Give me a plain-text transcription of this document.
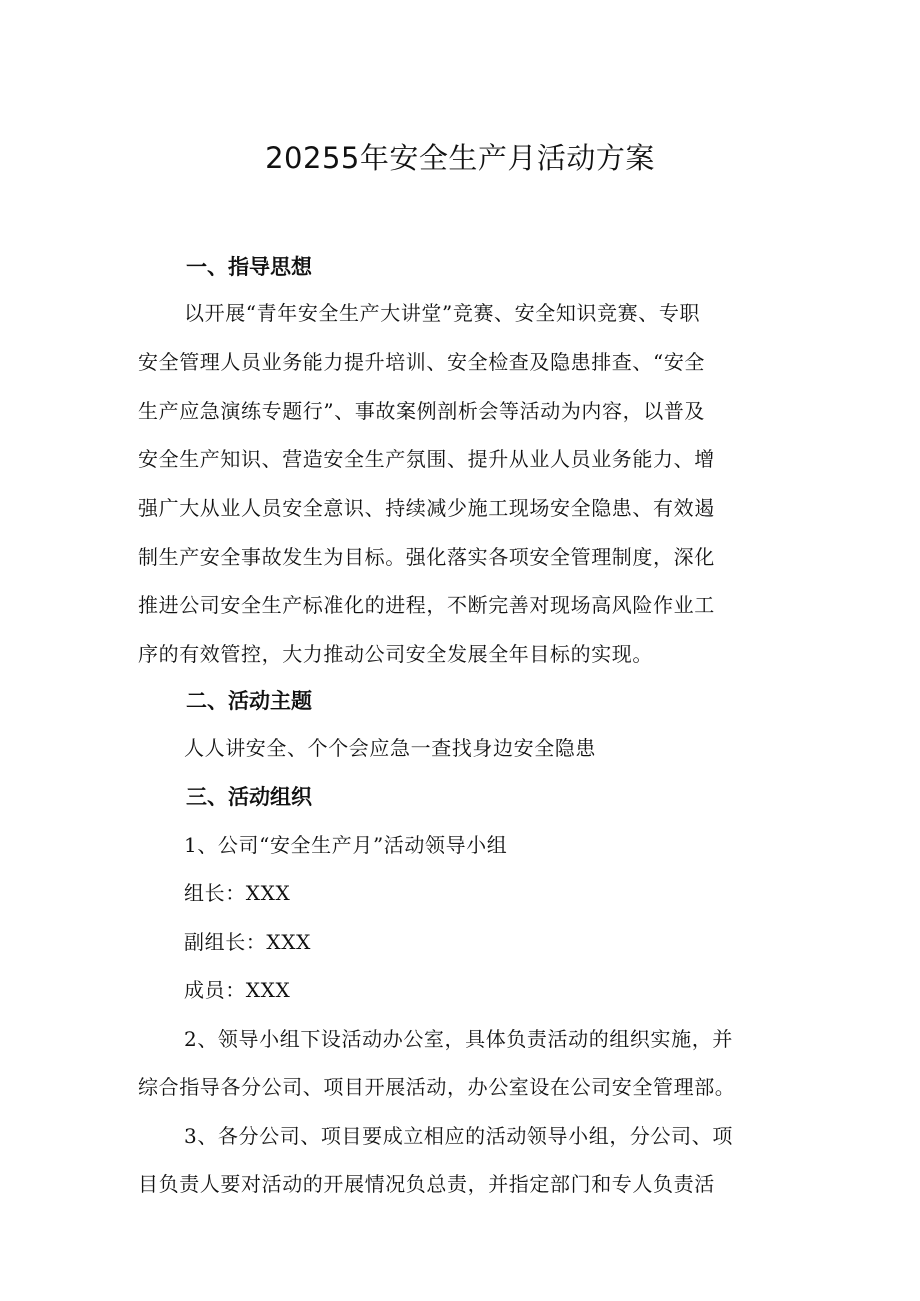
20255年安全生产月活动方案
一、指导思想
以开展“青年安全生产大讲堂”竞赛、安全知识竞赛、专职
安全管理人员业务能力提升培训、安全检查及隐患排查、“安全
生产应急演练专题行”、事故案例剖析会等活动为内容，以普及
安全生产知识、营造安全生产氛围、提升从业人员业务能力、增
强广大从业人员安全意识、持续减少施工现场安全隐患、有效遏
制生产安全事故发生为目标。强化落实各项安全管理制度，深化
推进公司安全生产标准化的进程，不断完善对现场高风险作业工
序的有效管控，大力推动公司安全发展全年目标的实现。
二、活动主题
人人讲安全、个个会应急一查找身边安全隐患
三、活动组织
1、公司“安全生产月”活动领导小组
组长：XXX
副组长：XXX
成员：XXX
2、领导小组下设活动办公室，具体负责活动的组织实施，并
综合指导各分公司、项目开展活动，办公室设在公司安全管理部。
3、各分公司、项目要成立相应的活动领导小组，分公司、项
目负责人要对活动的开展情况负总责，并指定部门和专人负责活
